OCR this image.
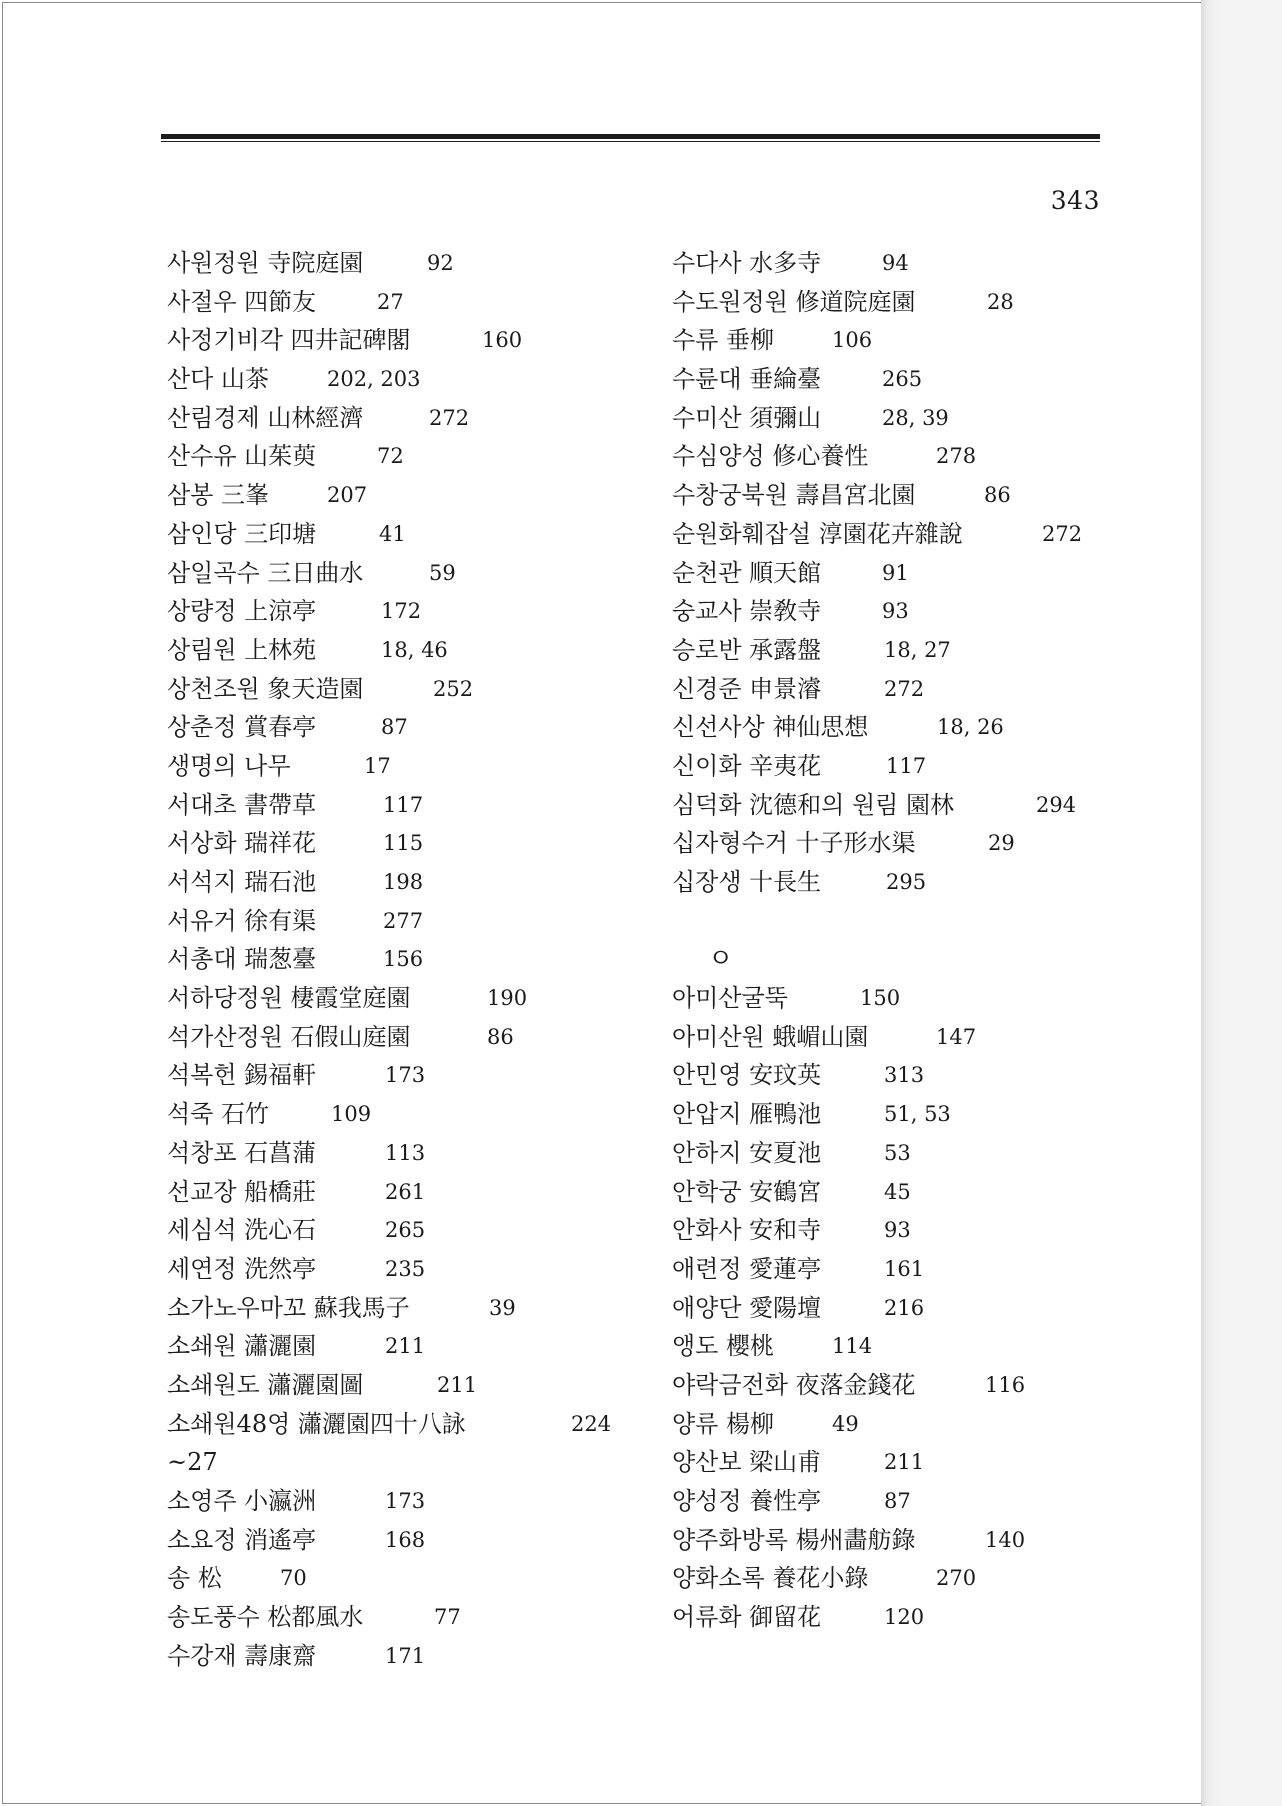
343
사원정원 寺院庭園	92
사절우 四節友	27
사정기비각 四井記碑閣	160
산다 山茶	202, 203
산림경제 山林經濟	272
산수유 山茱萸	72
삼봉 三峯	207
삼인당 三印塘	41
삼일곡수 三日曲水	59
상량정 上涼亭	172
상림원 上林苑	18, 46
상천조원 象天造園	252
상춘정 賞春亭	87
생명의 나무	17
서대초 書帶草	117
서상화 瑞祥花	115
서석지 瑞石池	198
서유거 徐有渠	277
서총대 瑞葱臺	156
서하당정원 棲霞堂庭園	190
석가산정원 石假山庭園	86
석복헌 錫福軒	173
석죽 石竹	109
석창포 石菖蒲	113
선교장 船橋莊	261
세심석 洗心石	265
세연정 洗然亭	235
소가노우마꼬 蘇我馬子	39
소쇄원 瀟灑園	211
소쇄원도 瀟灑園圖	211
소쇄원48영 瀟灑園四十八詠	224
~27
소영주 小瀛洲	173
소요정 消遙亭	168
송 松	70
송도풍수 松都風水	77
수강재 壽康齋	171
수다사 水多寺	94
수도원정원 修道院庭園	28
수류 垂柳	106
수륜대 垂綸臺	265
수미산 須彌山	28, 39
수심양성 修心養性	278
수창궁북원 壽昌宮北園	86
순원화훼잡설 淳園花卉雜說	272
순천관 順天館	91
숭교사 崇敎寺	93
승로반 承露盤	18, 27
신경준 申景濬	272
신선사상 神仙思想	18, 26
신이화 辛夷花	117
심덕화 沈德和의 원림 園林	294
십자형수거 十子形水渠	29
십장생 十長生	295
ㅇ
아미산굴뚝	150
아미산원 蛾嵋山園	147
안민영 安玟英	313
안압지 雁鴨池	51, 53
안하지 安夏池	53
안학궁 安鶴宮	45
안화사 安和寺	93
애련정 愛蓮亭	161
애양단 愛陽壇	216
앵도 櫻桃	114
야락금전화 夜落金錢花	116
양류 楊柳	49
양산보 梁山甫	211
양성정 養性亭	87
양주화방록 楊州畵舫錄	140
양화소록 養花小錄	270
어류화 御留花	120
